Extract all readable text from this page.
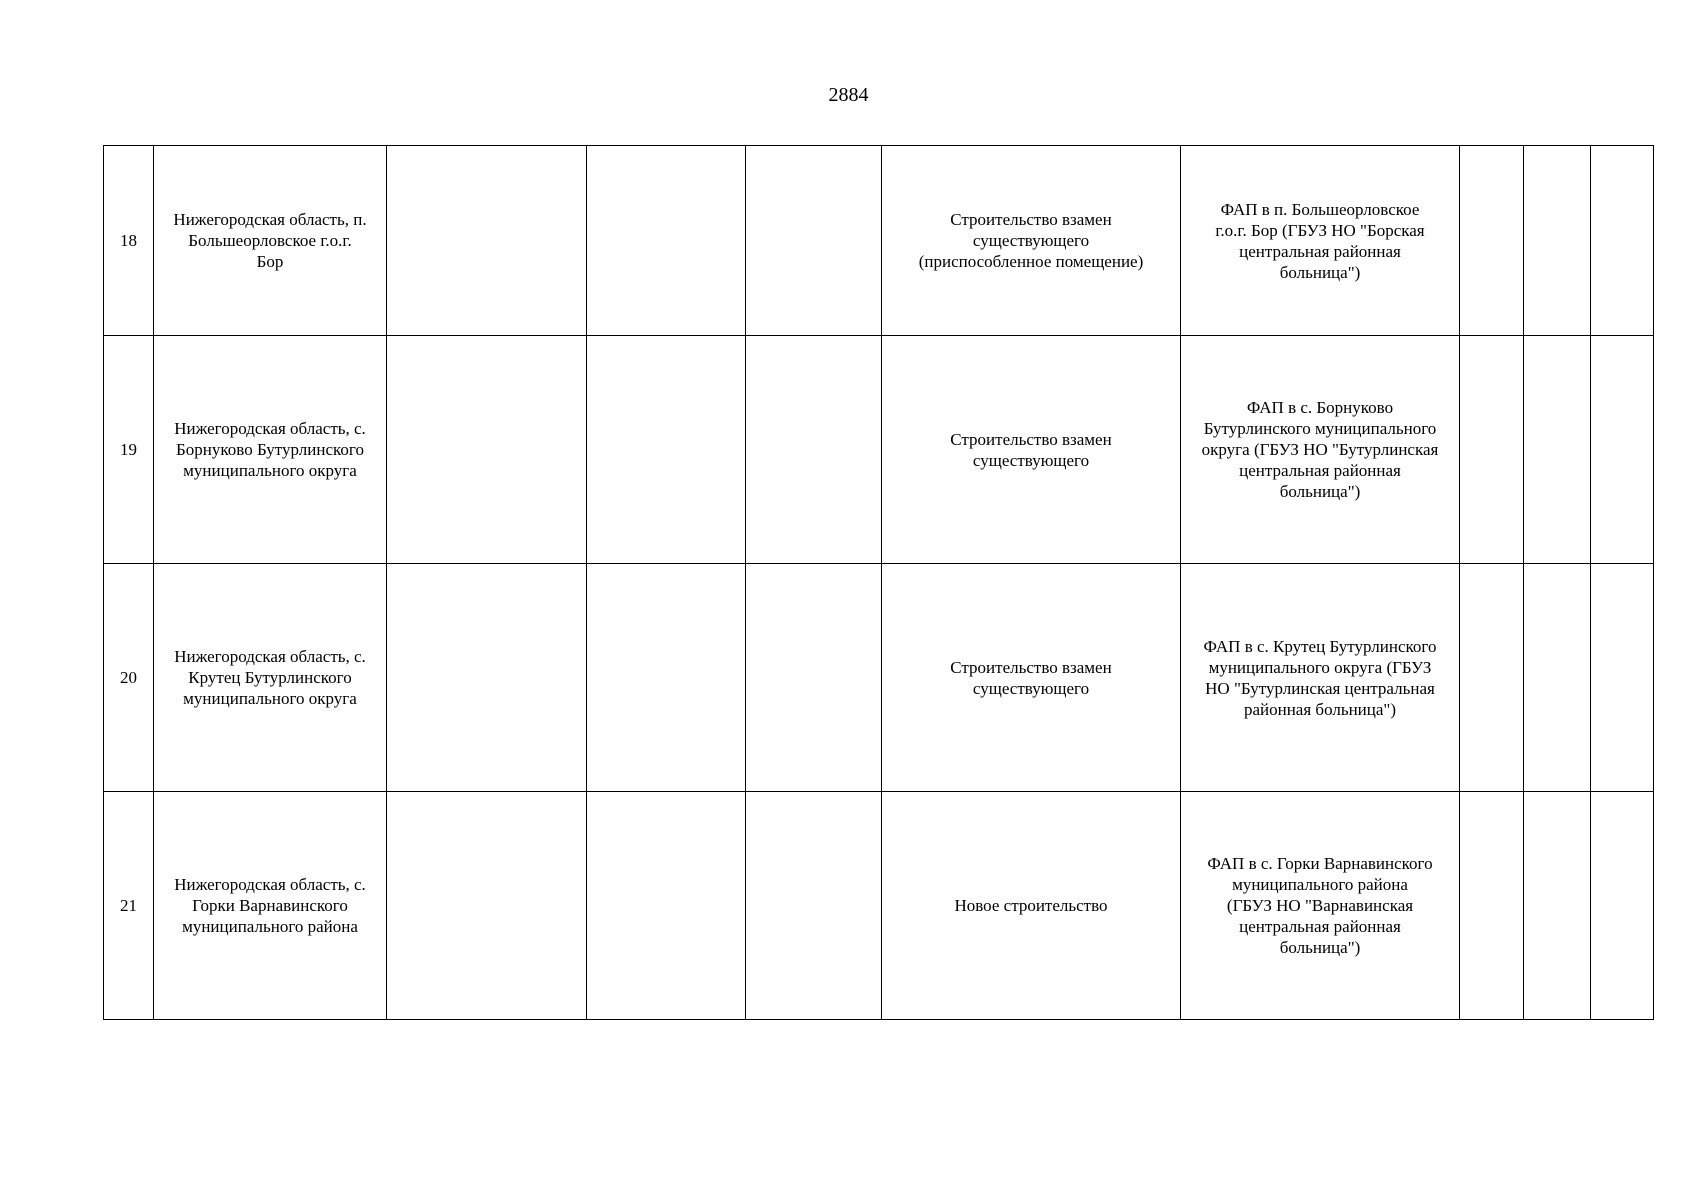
2884
18	Нижегородская область, п.
Большеорловское г.о.г.
Бор				Строительство взамен
существующего
(приспособленное помещение)	ФАП в п. Большеорловское
г.о.г. Бор (ГБУЗ НО "Борская
центральная районная
больница")				
19	Нижегородская область, с.
Борнуково Бутурлинского
муниципального округа				Строительство взамен
существующего	ФАП в с. Борнуково
Бутурлинского муниципального
округа (ГБУЗ НО "Бутурлинская
центральная районная
больница")				
20	Нижегородская область, с.
Крутец Бутурлинского
муниципального округа				Строительство взамен
существующего	ФАП в с. Крутец Бутурлинского
муниципального округа (ГБУЗ
НО "Бутурлинская центральная
районная больница")				
21	Нижегородская область, с.
Горки Варнавинского
муниципального района				Новое строительство	ФАП в с. Горки Варнавинского
муниципального района
(ГБУЗ НО "Варнавинская
центральная районная
больница")				
